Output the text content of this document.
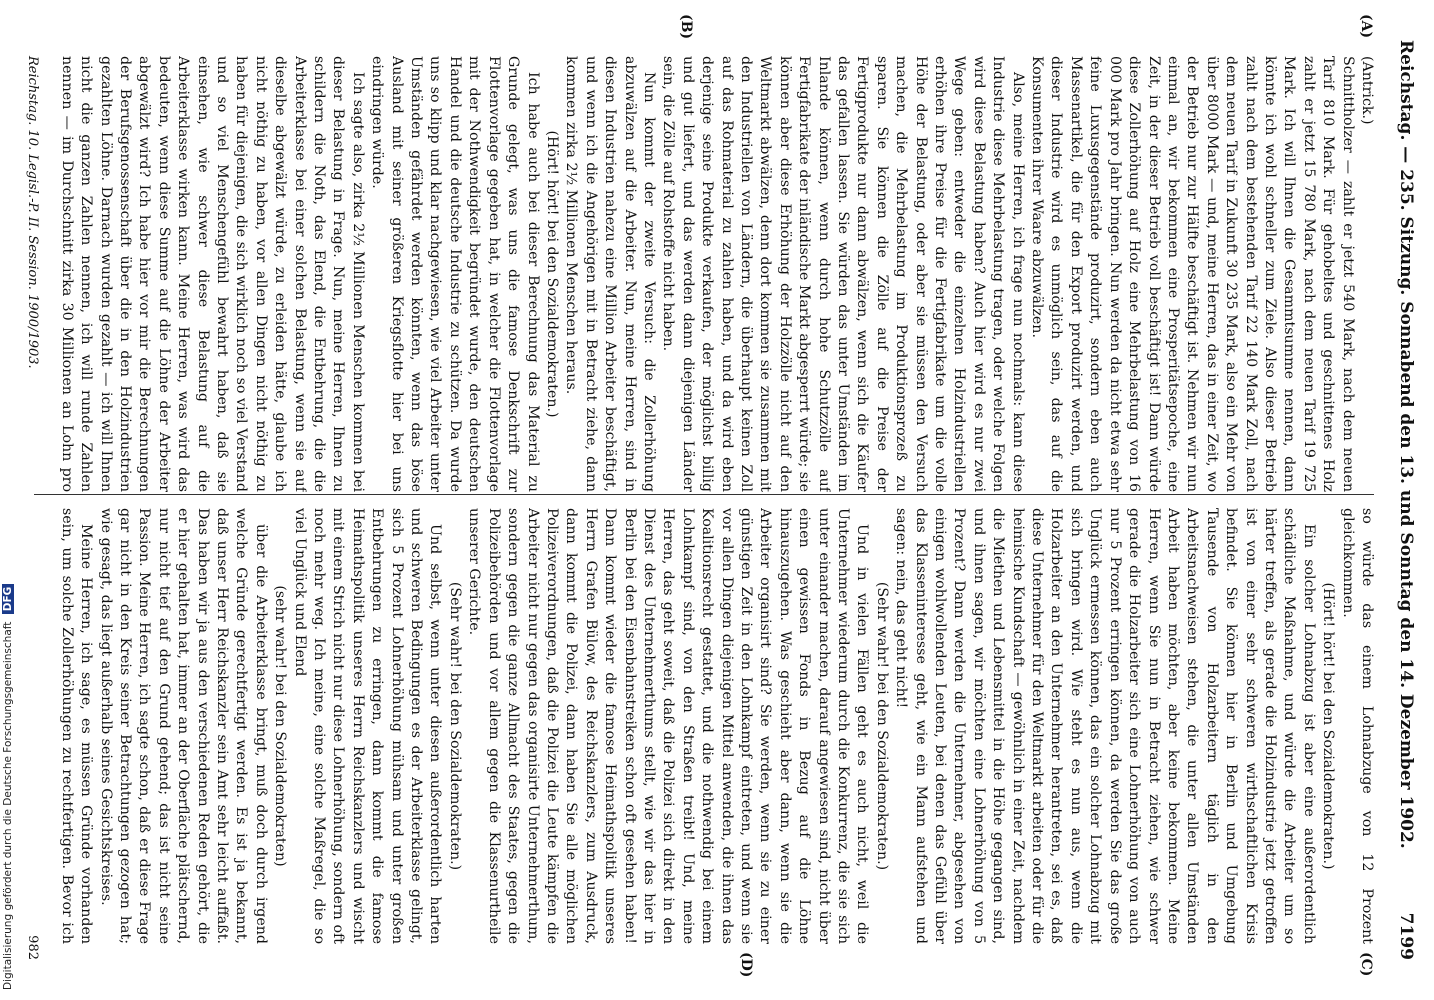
Reichstag. — 235. Sitzung. Sonnabend den 13. und Sonntag den 14. Dezember 1902.
7199
(A)
(B)
(C)
(D)

(Antrick.)

Schnittholzer — zahlt er jetzt 540 Mark, nach dem neuen Tarif 810 Mark. Für gehobeltes und geschnittenes Holz zahlt er jetzt 15 780 Mark, nach dem neuen Tarif 19 725 Mark. Ich will Ihnen die Gesammtsumme nennen, dann könnte ich wohl schneller zum Ziele. Also dieser Betrieb zahlt nach dem bestehenden Tarif 22 140 Mark Zoll, nach dem neuen Tarif in Zukunft 30 235 Mark, also ein Mehr von über 8000 Mark — und, meine Herren, das in einer Zeit, wo der Betrieb nur zur Hälfte beschäftigt ist. Nehmen wir nun einmal an, wir bekommen eine Prosperitätsepoche, eine Zeit, in der dieser Betrieb voll beschäftigt ist! Dann würde diese Zollerhöhung auf Holz eine Mehrbelastung von 16 000 Mark pro Jahr bringen. Nun werden da nicht etwa sehr feine Luxusgegenstände produzirt, sondern eben auch Massenartikel, die für den Export produzirt werden, und dieser Industrie wird es unmöglich sein, das auf die Konsumenten ihrer Waare abzuwälzen.

Also, meine Herren, ich frage nun nochmals: kann diese Industrie diese Mehrbelastung tragen, oder welche Folgen wird diese Belastung haben? Auch hier wird es nur zwei Wege geben: entweder die einzelnen Holzindustriellen erhöhen ihre Preise für die Fertigfabrikate um die volle Höhe der Belastung, oder aber sie müssen den Versuch machen, die Mehrbelastung im Produktionsprozeß zu sparen. Sie können die Zölle auf die Preise der Fertigprodukte nur dann abwälzen, wenn sich die Käufer das gefallen lassen. Sie würden das unter Umständen im Inlande können, wenn durch hohe Schutzzölle auf Fertigfabrikate der inländische Markt abgesperrt würde; sie können aber diese Erhöhung der Holzzölle nicht auf den Weltmarkt abwälzen, denn dort kommen sie zusammen mit den Industriellen von Ländern, die überhaupt keinen Zoll auf das Rohmaterial zu zahlen haben, und da wird eben derjenige seine Produkte verkaufen, der möglichst billig und gut liefert, und das werden dann diejenigen Länder sein, die Zölle auf Rohstoffe nicht haben.

Nun kommt der zweite Versuch: die Zollerhöhung abzuwälzen auf die Arbeiter. Nun, meine Herren, sind in diesen Industrien nahezu eine Million Arbeiter beschäftigt, und wenn ich die Angehörigen mit in Betracht ziehe, dann kommen zirka 2½ Millionen Menschen heraus.

(Hört! hört! bei den Sozialdemokraten.)

Ich habe auch bei dieser Berechnung das Material zu Grunde gelegt, was uns die famose Denkschrift zur Flottenvorlage gegeben hat, in welcher die Flottenvorlage mit der Nothwendigkeit begründet wurde, den deutschen Handel und die deutsche Industrie zu schützen. Da wurde uns so klipp und klar nachgewiesen, wie viel Arbeiter unter Umständen gefährdet werden könnten, wenn das böse Ausland mit seiner größeren Kriegsflotte hier bei uns eindringen würde.

Ich sagte also, zirka 2½ Millionen Menschen kommen bei dieser Belastung in Frage. Nun, meine Herren, Ihnen zu schildern die Noth, das Elend, die Entbehrung, die die Arbeiterklasse bei einer solchen Belastung, wenn sie auf dieselbe abgewälzt würde, zu erleiden hätte, glaube ich nicht nöthig zu haben, vor allen Dingen nicht nöthig zu haben für diejenigen, die sich wirklich noch so viel Verstand und so viel Menschengefühl bewahrt haben, daß sie einsehen, wie schwer diese Belastung auf die Arbeiterklasse wirken kann. Meine Herren, was wird das bedeuten, wenn diese Summe auf die Löhne der Arbeiter abgewälzt wird? Ich habe hier vor mir die Berechnungen der Berufsgenossenschaft über die in den Holzindustrien gezahlten Löhne. Darnach wurden gezahlt — ich will Ihnen nicht die ganzen Zahlen nennen, ich will runde Zahlen nennen — im Durchschnitt zirka 30 Millionen an Lohn pro

so würde das einem Lohnabzuge von 12 Prozent gleichkommen.

(Hört! hört! bei den Sozialdemokraten.)

Ein solcher Lohnabzug ist aber eine außerordentlich schädliche Maßnahme, und würde die Arbeiter um so härter treffen, als gerade die Holzindustrie jetzt getroffen ist von einer sehr schweren wirthschaftlichen Krisis befindet. Sie können hier in Berlin und Umgebung Tausende von Holzarbeitern täglich in den Arbeitsnachweisen stehen, die unter allen Umständen Arbeit haben möchten, aber keine bekommen. Meine Herren, wenn Sie nun in Betracht ziehen, wie schwer gerade die Holzarbeiter sich eine Lohnerhöhung von auch nur 5 Prozent erringen können, da werden Sie das große Unglück ermessen können, das ein solcher Lohnabzug mit sich bringen wird. Wie steht es nun aus, wenn die Holzarbeiter an den Unternehmer herantreten, sei es, daß diese Unternehmer für den Weltmarkt arbeiten oder für die heimische Kundschaft — gewöhnlich in einer Zeit, nachdem die Miethen und Lebensmittel in die Höhe gegangen sind, und ihnen sagen, wir möchten eine Lohnerhöhung von 5 Prozent? Dann werden die Unternehmer, abgesehen von einigen wohlwollenden Leuten, bei denen das Gefühl über das Klasseninteresse geht, wie ein Mann aufstehen und sagen: nein, das geht nicht!

(Sehr wahr! bei den Sozialdemokraten.)

Und in vielen Fällen geht es auch nicht, weil die Unternehmer wiederum durch die Konkurrenz, die sie sich unter einander machen, darauf angewiesen sind, nicht über einen gewissen Fonds in Bezug auf die Löhne hinauszugehen. Was geschieht aber dann, wenn sie die Arbeiter organisirt sind? Sie werden, wenn sie zu einer günstigen Zeit in den Lohnkampf eintreten, und wenn sie vor allen Dingen diejenigen Mittel anwenden, die ihnen das Koalitionsrecht gestattet, und die nothwendig bei einem Lohnkampf sind, von den Straßen treibt! Und, meine Herren, das geht soweit, daß die Polizei sich direkt in den Dienst des Unternehmerthums stellt, wie wir das hier in Berlin bei den Eisenbahnstreiken schon oft gesehen haben! Dann kommt wieder die famose Heimathspolitik unseres Herrn Grafen Bülow, des Reichskanzlers, zum Ausdruck, dann kommt die Polizei, dann haben Sie alle möglichen Polizeiverordnungen, daß die Polizei die Leute kämpfen die Arbeiter nicht nur gegen das organisirte Unternehmerthum, sondern gegen die ganze Allmacht des Staates, gegen die Polizeibehörden und vor allem gegen die Klassenurtheile unserer Gerichte.

(Sehr wahr! bei den Sozialdemokraten.)

Und selbst, wenn unter diesen außerordentlich harten und schweren Bedingungen es der Arbeiterklasse gelingt, sich 5 Prozent Lohnerhöhung mühsam und unter großen Entbehrungen zu erringen, dann kommt die famose Heimathspolitik unseres Herrn Reichskanzlers und wischt mit einem Strich nicht nur diese Lohnerhöhung, sondern oft noch mehr weg. Ich meine, eine solche Maßregel, die so viel Unglück und Elend

(sehr wahr! bei den Sozialdemokraten)

über die Arbeiterklasse bringt, muß doch durch irgend welche Gründe gerechtfertigt werden. Es ist ja bekannt, daß unser Herr Reichskanzler sein Amt sehr leicht auffaßt. Das haben wir ja aus den verschiedenen Reden gehört, die er hier gehalten hat, immer an der Oberfläche plätschernd, nur nicht tief auf den Grund gehend; das ist nicht seine Passion. Meine Herren, ich sagte schon, daß er diese Frage gar nicht in den Kreis seiner Betrachtungen gezogen hat; wie gesagt, das liegt außerhalb seines Gesichtskreises.

Meine Herren, ich sage, es müssen Gründe vorhanden sein, um solche Zollerhöhungen zu rechtfertigen. Bevor ich

Reichstag. 10. Legisl.-P. II. Session. 1900/1903.
982
Digitalisierung gefördert durch die Deutsche Forschungsgemeinschaft DFG
